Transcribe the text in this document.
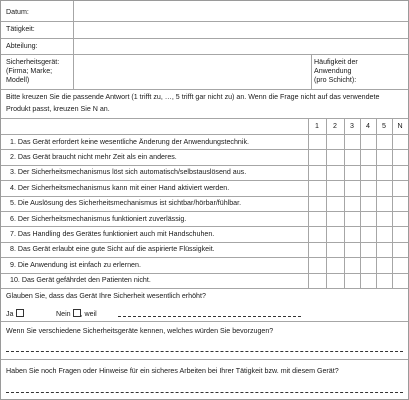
Datum:
Tätigkeit:
Abteilung:
Sicherheitsgerät:
(Firma; Marke;
Modell)
Häufigkeit der
Anwendung
(pro Schicht):
Bitte kreuzen Sie die passende Antwort (1 trifft zu, …, 5 trifft gar nicht zu) an. Wenn die Frage nicht auf das verwendete
Produkt passt, kreuzen Sie N an.
1	2	3	4	5	N
1. Das Gerät erfordert keine wesentliche Änderung der Anwendungstechnik.
2. Das Gerät braucht nicht mehr Zeit als ein anderes.
3. Der Sicherheitsmechanismus löst sich automatisch/selbstauslösend aus.
4. Der Sicherheitsmechanismus kann mit einer Hand aktiviert werden.
5. Die Auslösung des Sicherheitsmechanismus ist sichtbar/hörbar/fühlbar.
6. Der Sicherheitsmechanismus funktioniert zuverlässig.
7. Das Handling des Gerätes funktioniert auch mit Handschuhen.
8. Das Gerät erlaubt eine gute Sicht auf die aspirierte Flüssigkeit.
9. Die Anwendung ist einfach zu erlernen.
10. Das Gerät gefährdet den Patienten nicht.
Glauben Sie, dass das Gerät Ihre Sicherheit wesentlich erhöht?
Ja	Nein , weil
Wenn Sie verschiedene Sicherheitsgeräte kennen, welches würden Sie bevorzugen?
Haben Sie noch Fragen oder Hinweise für ein sicheres Arbeiten bei Ihrer Tätigkeit bzw. mit diesem Gerät?
